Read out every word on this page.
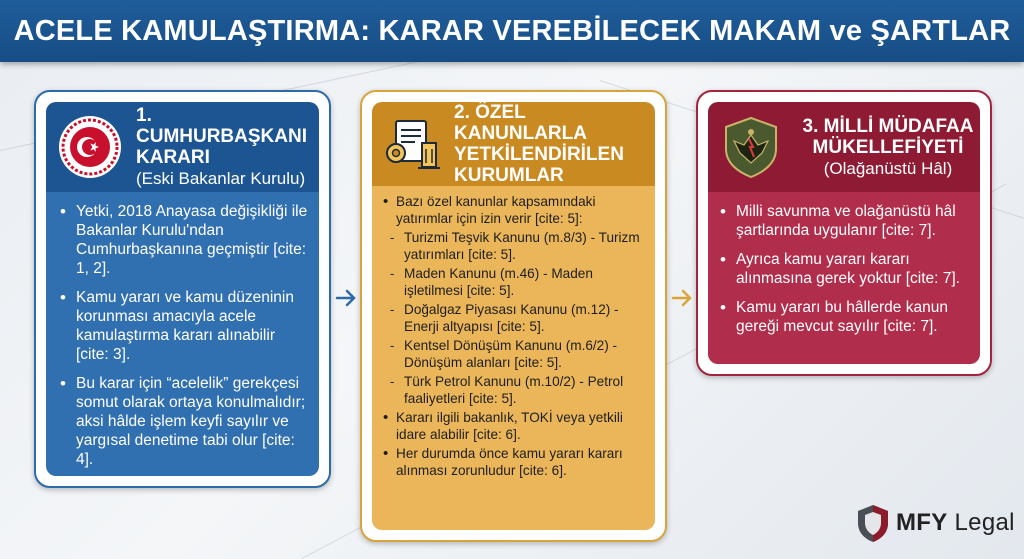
ACELE KAMULAŞTIRMA: KARAR VEREBİLECEK MAKAM ve ŞARTLAR
1. CUMHURBAŞKANI
KARARI
(Eski Bakanlar Kurulu)
• Yetki, 2018 Anayasa değişikliği ile Bakanlar Kurulu'ndan Cumhurbaşkanına geçmiştir [cite: 1, 2].
• Kamu yararı ve kamu düzeninin korunması amacıyla acele kamulaştırma kararı alınabilir [cite: 3].
• Bu karar için “acelelik” gerekçesi somut olarak ortaya konulmalıdır; aksi hâlde işlem keyfi sayılır ve yargısal denetime tabi olur [cite: 4].
2. ÖZEL KANUNLARLA
YETKİLENDİRİLEN
KURUMLAR
• Bazı özel kanunlar kapsamındaki yatırımlar için izin verir [cite: 5]:
- Turizmi Teşvik Kanunu (m.8/3) - Turizm yatırımları [cite: 5].
- Maden Kanunu (m.46) - Maden işletilmesi [cite: 5].
- Doğalgaz Piyasası Kanunu (m.12) - Enerji altyapısı [cite: 5].
- Kentsel Dönüşüm Kanunu (m.6/2) - Dönüşüm alanları [cite: 5].
- Türk Petrol Kanunu (m.10/2) - Petrol faaliyetleri [cite: 5].
• Kararı ilgili bakanlık, TOKİ veya yetkili idare alabilir [cite: 6].
• Her durumda önce kamu yararı kararı alınması zorunludur [cite: 6].
3. MİLLİ MÜDAFAA
MÜKELLEFİYETİ
(Olağanüstü Hâl)
• Milli savunma ve olağanüstü hâl şartlarında uygulanır [cite: 7].
• Ayrıca kamu yararı kararı alınmasına gerek yoktur [cite: 7].
• Kamu yararı bu hâllerde kanun gereği mevcut sayılır [cite: 7].
MFY Legal
